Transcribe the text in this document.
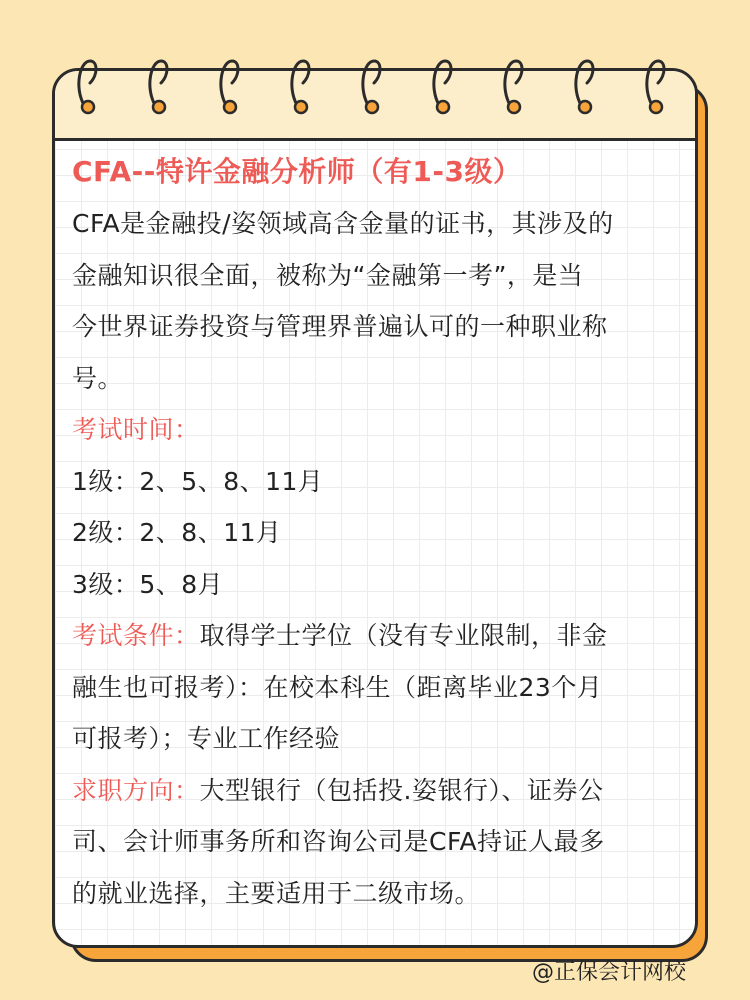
CFA--特许金融分析师（有1-3级）

CFA是金融投/姿领域高含金量的证书，其涉及的

金融知识很全面，被称为“金融第一考”，是当

今世界证券投资与管理界普遍认可的一种职业称

号。

考试时间：

1级：2、5、8、11月

2级：2、8、11月

3级：5、8月

考试条件：取得学士学位（没有专业限制，非金

融生也可报考）：在校本科生（距离毕业23个月

可报考）；专业工作经验

求职方向：大型银行（包括投.姿银行）、证券公

司、会计师事务所和咨询公司是CFA持证人最多

的就业选择，主要适用于二级市场。

@正保会计网校
